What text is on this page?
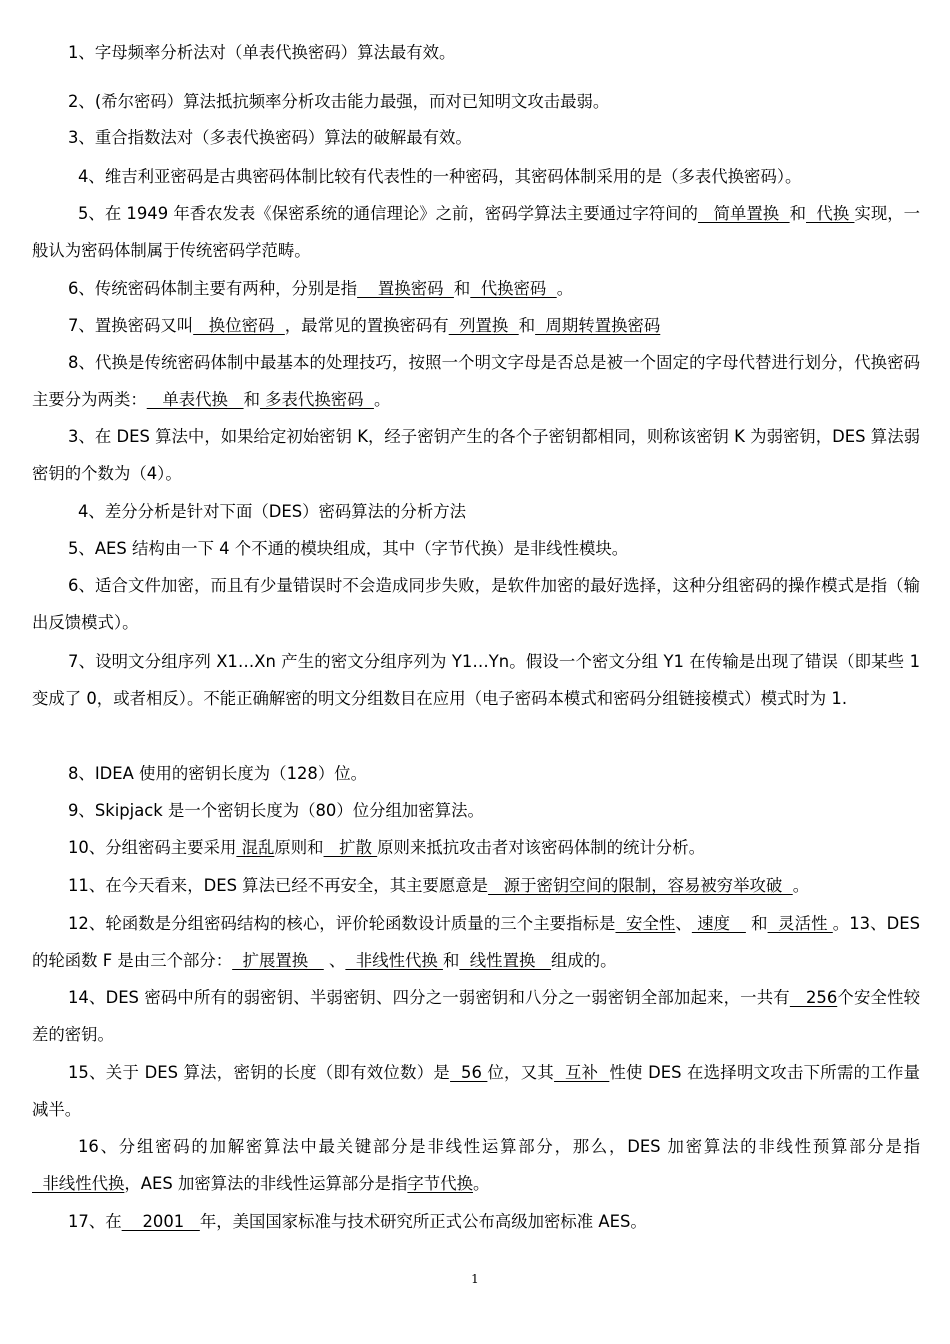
1、字母频率分析法对（单表代换密码）算法最有效。
2、(希尔密码）算法抵抗频率分析攻击能力最强，而对已知明文攻击最弱。
3、重合指数法对（多表代换密码）算法的破解最有效。
4、维吉利亚密码是古典密码体制比较有代表性的一种密码，其密码体制采用的是（多表代换密码）。
5、在 1949 年香农发表《保密系统的通信理论》之前，密码学算法主要通过字符间的   简单置换  和  代换 实现，一般认为密码体制属于传统密码学范畴。
6、传统密码体制主要有两种，分别是指    置换密码  和  代换密码  。
7、置换密码又叫   换位密码  ，最常见的置换密码有  列置换  和  周期转置换密码
8、代换是传统密码体制中最基本的处理技巧，按照一个明文字母是否总是被一个固定的字母代替进行划分，代换密码主要分为两类：   单表代换   和 多表代换密码  。
3、在 DES 算法中，如果给定初始密钥 K，经子密钥产生的各个子密钥都相同，则称该密钥 K 为弱密钥，DES 算法弱密钥的个数为（4）。
4、差分分析是针对下面（DES）密码算法的分析方法
5、AES 结构由一下 4 个不通的模块组成，其中（字节代换）是非线性模块。
6、适合文件加密，而且有少量错误时不会造成同步失败，是软件加密的最好选择，这种分组密码的操作模式是指（输出反馈模式）。
7、设明文分组序列 X1…Xn 产生的密文分组序列为 Y1…Yn。假设一个密文分组 Y1 在传输是出现了错误（即某些 1 变成了 0，或者相反）。不能正确解密的明文分组数目在应用（电子密码本模式和密码分组链接模式）模式时为 1.
8、IDEA 使用的密钥长度为（128）位。
9、Skipjack 是一个密钥长度为（80）位分组加密算法。
10、分组密码主要采用 混乱原则和   扩散 原则来抵抗攻击者对该密码体制的统计分析。
11、在今天看来，DES 算法已经不再安全，其主要愿意是   源于密钥空间的限制，容易被穷举攻破  。
12、轮函数是分组密码结构的核心，评价轮函数设计质量的三个主要指标是  安全性、 速度    和  灵活性 。13、DES 的轮函数 F 是由三个部分：  扩展置换    、  非线性代换 和  线性置换   组成的。
14、DES 密码中所有的弱密钥、半弱密钥、四分之一弱密钥和八分之一弱密钥全部加起来，一共有   256个安全性较差的密钥。
15、关于 DES 算法，密钥的长度（即有效位数）是  56 位，又其  互补  性使 DES 在选择明文攻击下所需的工作量减半。
16、分组密码的加解密算法中最关键部分是非线性运算部分，那么，DES 加密算法的非线性预算部分是指  非线性代换，AES 加密算法的非线性运算部分是指字节代换。
17、在    2001   年，美国国家标准与技术研究所正式公布高级加密标准 AES。
1
